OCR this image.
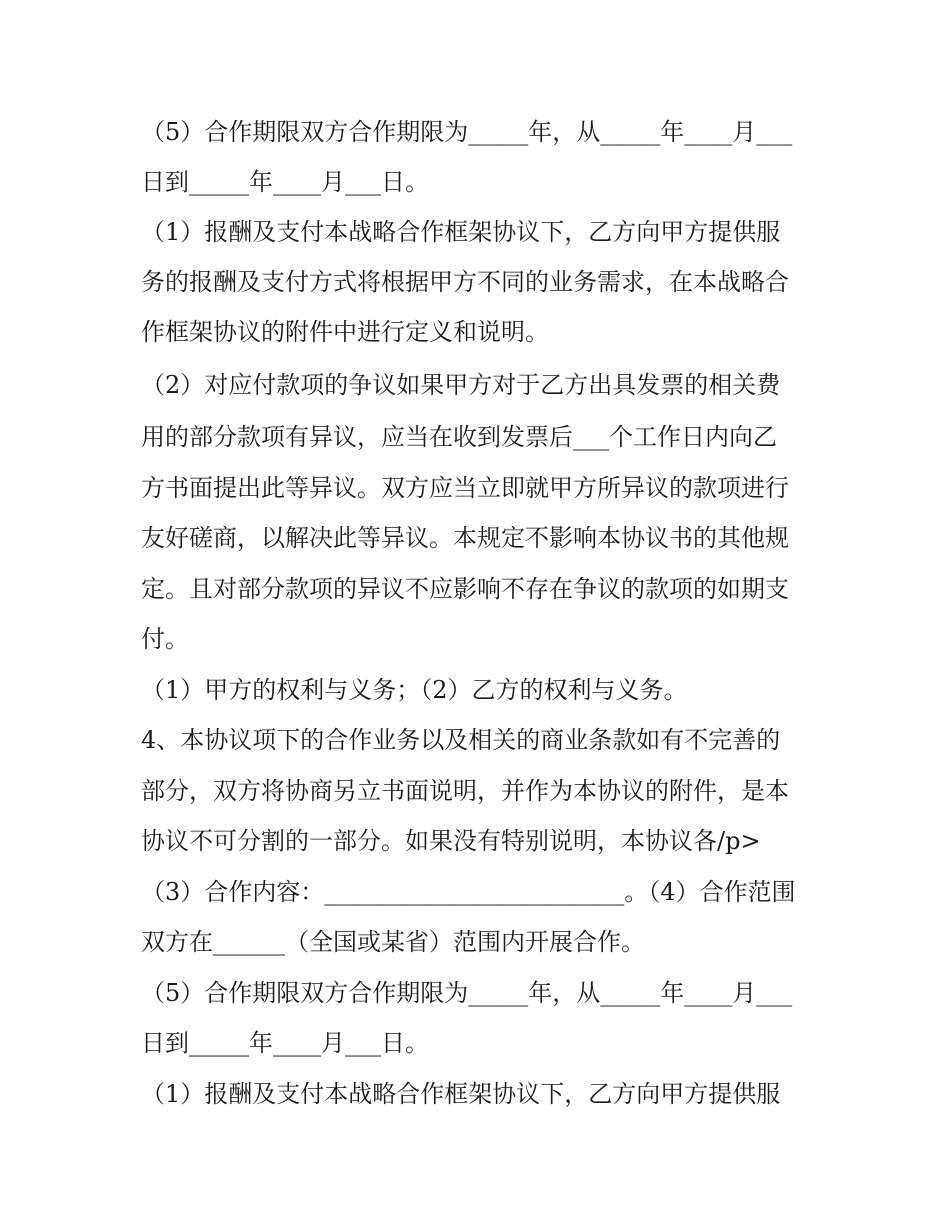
（5）合作期限双方合作期限为_____年，从_____年____月___
日到_____年____月___日。
（1）报酬及支付本战略合作框架协议下，乙方向甲方提供服
务的报酬及支付方式将根据甲方不同的业务需求，在本战略合
作框架协议的附件中进行定义和说明。
（2）对应付款项的争议如果甲方对于乙方出具发票的相关费
用的部分款项有异议，应当在收到发票后___个工作日内向乙
方书面提出此等异议。双方应当立即就甲方所异议的款项进行
友好磋商，以解决此等异议。本规定不影响本协议书的其他规
定。且对部分款项的异议不应影响不存在争议的款项的如期支
付。
（1）甲方的权利与义务；（2）乙方的权利与义务。
4、本协议项下的合作业务以及相关的商业条款如有不完善的
部分，双方将协商另立书面说明，并作为本协议的附件，是本
协议不可分割的一部分。如果没有特别说明，本协议各/p>
（3）合作内容：_________________________。（4）合作范围
双方在______（全国或某省）范围内开展合作。
（5）合作期限双方合作期限为_____年，从_____年____月___
日到_____年____月___日。
（1）报酬及支付本战略合作框架协议下，乙方向甲方提供服
